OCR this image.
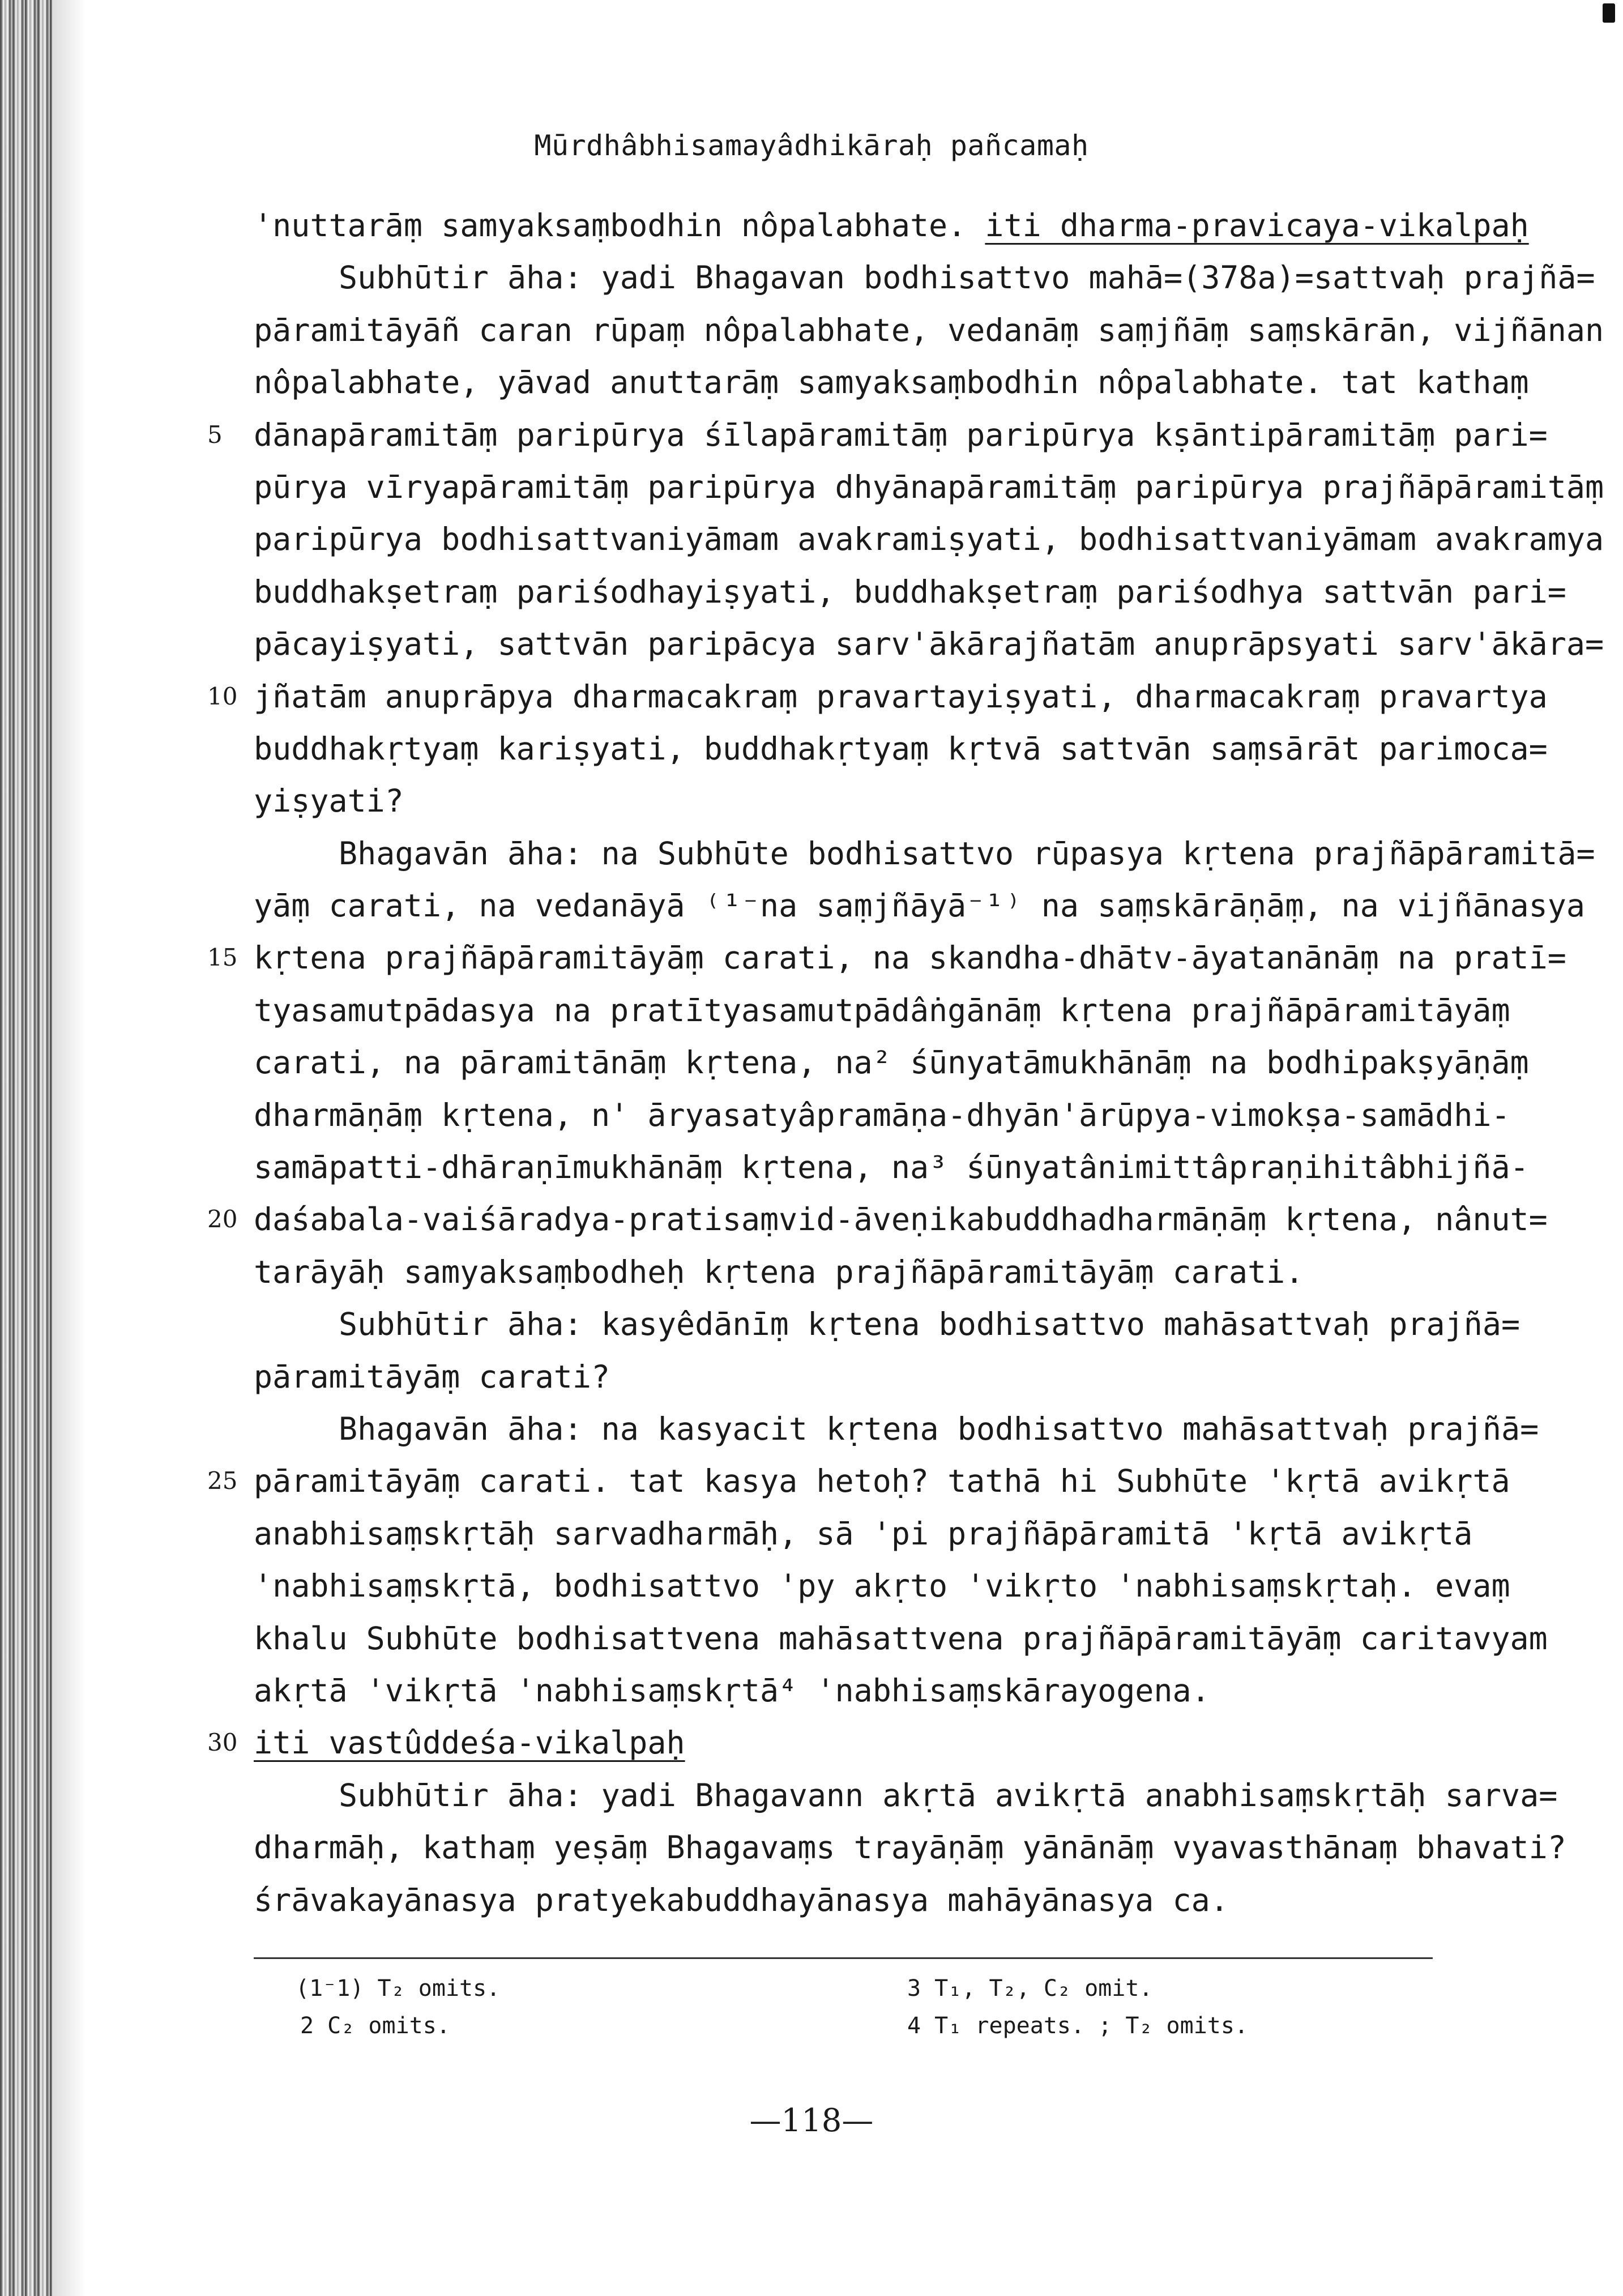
Mūrdhâbhisamayâdhikāraḥ pañcamaḥ
'nuttarāṃ samyaksaṃbodhin nôpalabhate. iti dharma-pravicaya-vikalpaḥ
Subhūtir āha: yadi Bhagavan bodhisattvo mahā=(378a)=sattvaḥ prajñā=
pāramitāyāñ caran rūpaṃ nôpalabhate, vedanāṃ saṃjñāṃ saṃskārān, vijñānan
nôpalabhate, yāvad anuttarāṃ samyaksaṃbodhin nôpalabhate. tat kathaṃ
5	dānapāramitāṃ paripūrya śīlapāramitāṃ paripūrya kṣāntipāramitāṃ pari=
pūrya vīryapāramitāṃ paripūrya dhyānapāramitāṃ paripūrya prajñāpāramitāṃ
paripūrya bodhisattvaniyāmam avakramiṣyati, bodhisattvaniyāmam avakramya
buddhakṣetraṃ pariśodhayiṣyati, buddhakṣetraṃ pariśodhya sattvān pari=
pācayiṣyati, sattvān paripācya sarv'ākārajñatām anuprāpsyati sarv'ākāra=
10 jñatām anuprāpya dharmacakraṃ pravartayiṣyati, dharmacakraṃ pravartya
buddhakṛtyaṃ kariṣyati, buddhakṛtyaṃ kṛtvā sattvān saṃsārāt parimoca=
yiṣyati?
Bhagavān āha: na Subhūte bodhisattvo rūpasya kṛtena prajñāpāramitā=
yāṃ carati, na vedanāyā ⁽¹⁻na saṃjñāyā⁻¹⁾ na saṃskārāṇāṃ, na vijñānasya
15 kṛtena prajñāpāramitāyāṃ carati, na skandha-dhātv-āyatanānāṃ na pratī=
tyasamutpādasya na pratītyasamutpādâṅgānāṃ kṛtena prajñāpāramitāyāṃ
carati, na pāramitānāṃ kṛtena, na² śūnyatāmukhānāṃ na bodhipakṣyāṇāṃ
dharmāṇāṃ kṛtena, n' āryasatyâpramāṇa-dhyān'ārūpya-vimokṣa-samādhi-
samāpatti-dhāraṇīmukhānāṃ kṛtena, na³ śūnyatânimittâpraṇihitâbhijñā-
20 daśabala-vaiśāradya-pratisaṃvid-āveṇikabuddhadharmāṇāṃ kṛtena, nânut=
tarāyāḥ samyaksaṃbodheḥ kṛtena prajñāpāramitāyāṃ carati.
Subhūtir āha: kasyêdānīṃ kṛtena bodhisattvo mahāsattvaḥ prajñā=
pāramitāyāṃ carati?
Bhagavān āha: na kasyacit kṛtena bodhisattvo mahāsattvaḥ prajñā=
25 pāramitāyāṃ carati. tat kasya hetoḥ? tathā hi Subhūte 'kṛtā avikṛtā
anabhisaṃskṛtāḥ sarvadharmāḥ, sā 'pi prajñāpāramitā 'kṛtā avikṛtā
'nabhisaṃskṛtā, bodhisattvo 'py akṛto 'vikṛto 'nabhisaṃskṛtaḥ. evaṃ
khalu Subhūte bodhisattvena mahāsattvena prajñāpāramitāyāṃ caritavyam
akṛtā 'vikṛtā 'nabhisaṃskṛtā⁴ 'nabhisaṃskārayogena.
30 iti vastûddeśa-vikalpaḥ
Subhūtir āha: yadi Bhagavann akṛtā avikṛtā anabhisaṃskṛtāḥ sarva=
dharmāḥ, kathaṃ yeṣāṃ Bhagavaṃs trayāṇāṃ yānānāṃ vyavasthānaṃ bhavati?
śrāvakayānasya pratyekabuddhayānasya mahāyānasya ca.
(1⁻1) T₂ omits.
2 C₂ omits.
3 T₁, T₂, C₂ omit.
4 T₁ repeats. ; T₂ omits.
—118—
